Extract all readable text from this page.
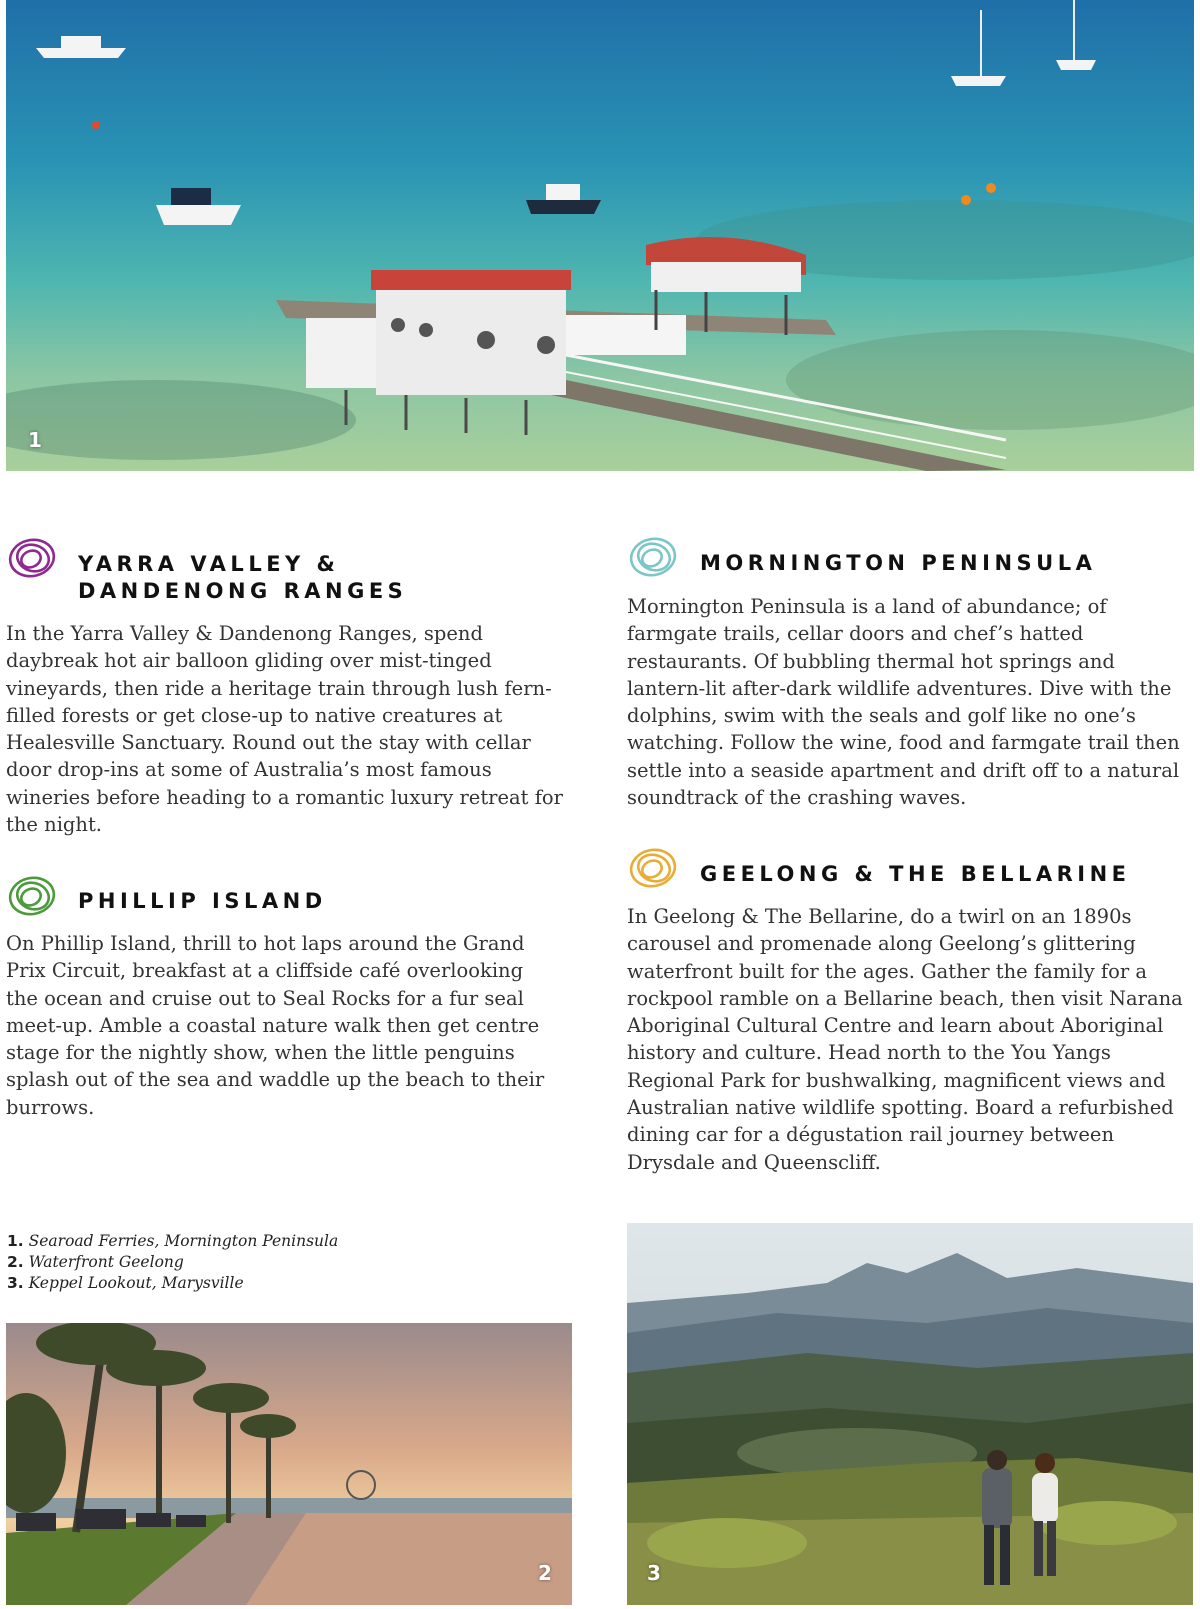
1
YARRA VALLEY &
DANDENONG RANGES

In the Yarra Valley & Dandenong Ranges, spend daybreak hot air balloon gliding over mist-tinged vineyards, then ride a heritage train through lush fern-filled forests or get close-up to native creatures at Healesville Sanctuary. Round out the stay with cellar door drop-ins at some of Australia’s most famous wineries before heading to a romantic luxury retreat for the night.

PHILLIP ISLAND

On Phillip Island, thrill to hot laps around the Grand Prix Circuit, breakfast at a cliffside café overlooking the ocean and cruise out to Seal Rocks for a fur seal meet-up. Amble a coastal nature walk then get centre stage for the nightly show, when the little penguins splash out of the sea and waddle up the beach to their burrows.

MORNINGTON PENINSULA

Mornington Peninsula is a land of abundance; of farmgate trails, cellar doors and chef’s hatted restaurants. Of bubbling thermal hot springs and lantern-lit after-dark wildlife adventures. Dive with the dolphins, swim with the seals and golf like no one’s watching. Follow the wine, food and farmgate trail then settle into a seaside apartment and drift off to a natural soundtrack of the crashing waves.

GEELONG & THE BELLARINE

In Geelong & The Bellarine, do a twirl on an 1890s carousel and promenade along Geelong’s glittering waterfront built for the ages. Gather the family for a rockpool ramble on a Bellarine beach, then visit Narana Aboriginal Cultural Centre and learn about Aboriginal history and culture. Head north to the You Yangs Regional Park for bushwalking, magnificent views and Australian native wildlife spotting. Board a refurbished dining car for a dégustation rail journey between Drysdale and Queenscliff.

1. Searoad Ferries, Mornington Peninsula
2. Waterfront Geelong
3. Keppel Lookout, Marysville
2	3
